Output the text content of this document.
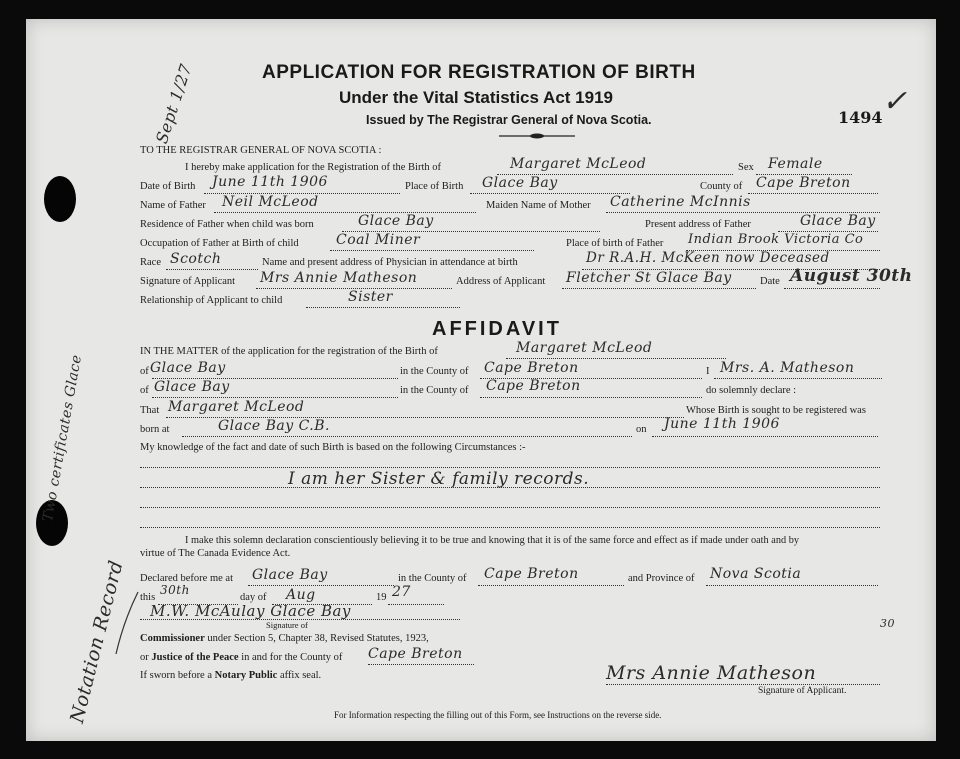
Sept 1/27
Two certificates Glace
Notation Record
1494 ✓
30
APPLICATION FOR REGISTRATION OF BIRTH
Under the Vital Statistics Act 1919
Issued by The Registrar General of Nova Scotia.
TO THE REGISTRAR GENERAL OF NOVA SCOTIA :
I hereby make application for the Registration of the Birth of	Margaret McLeod	Sex Female
Date of Birth June 11th 1906	Place of Birth Glace Bay	County of Cape Breton
Name of Father Neil McLeod	Maiden Name of Mother Catherine McInnis
Residence of Father when child was born	Glace Bay	Present address of Father	Glace Bay
Occupation of Father at Birth of child	Coal Miner	Place of birth of Father Indian Brook Victoria Co
Race Scotch	Name and present address of Physician in attendance at birth	Dr R.A.H. McKeen now Deceased
Signature of Applicant Mrs Annie Matheson	Address of Applicant Fletcher St Glace Bay	Date August 30th
Relationship of Applicant to child	Sister
AFFIDAVIT
IN THE MATTER of the application for the registration of the Birth of	Margaret McLeod
of Glace Bay	in the County of Cape Breton	I Mrs. A. Matheson
of Glace Bay	in the County of Cape Breton	do solemnly declare :
That Margaret McLeod	Whose Birth is sought to be registered was
born at	Glace Bay C.B.	on June 11th 1906
My knowledge of the fact and date of such Birth is based on the following Circumstances :-
I am her Sister & family records.
I make this solemn declaration conscientiously believing it to be true and knowing that it is of the same force and effect as if made under oath and by
virtue of The Canada Evidence Act.
Declared before me at Glace Bay	in the County of Cape Breton	and Province of Nova Scotia
this
30th
day of Aug	19 27
M.W. McAulay Glace Bay
Signature of
Commissioner under Section 5, Chapter 38, Revised Statutes, 1923,
or Justice of the Peace in and for the County of Cape Breton
If sworn before a Notary Public affix seal.	Mrs Annie Matheson
Signature of Applicant.
For Information respecting the filling out of this Form, see Instructions on the reverse side.
